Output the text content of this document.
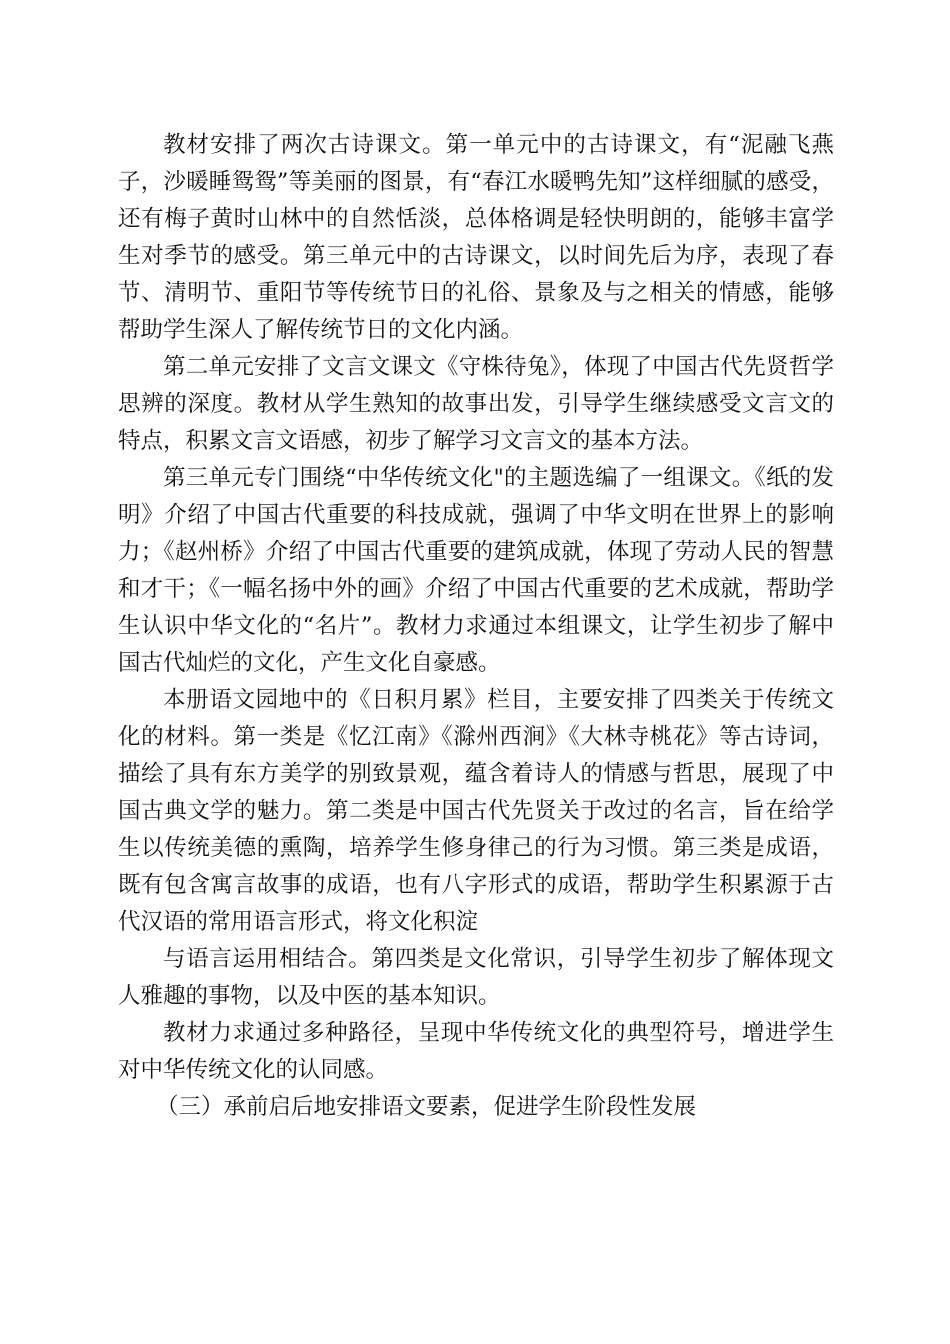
教材安排了两次古诗课文。第一单元中的古诗课文，有“泥融飞燕子，沙暖睡鸳鸳”等美丽的图景，有“春江水暖鸭先知”这样细腻的感受，还有梅子黄时山林中的自然恬淡，总体格调是轻快明朗的，能够丰富学生对季节的感受。第三单元中的古诗课文，以时间先后为序，表现了春节、清明节、重阳节等传统节日的礼俗、景象及与之相关的情感，能够帮助学生深人了解传统节日的文化内涵。

第二单元安排了文言文课文《守株待兔》，体现了中国古代先贤哲学思辨的深度。教材从学生熟知的故事出发，引导学生继续感受文言文的特点，积累文言文语感，初步了解学习文言文的基本方法。

第三单元专门围绕“中华传统文化"的主题选编了一组课文。《纸的发明》介绍了中国古代重要的科技成就，强调了中华文明在世界上的影响力；《赵州桥》介绍了中国古代重要的建筑成就，体现了劳动人民的智慧和才干；《一幅名扬中外的画》介绍了中国古代重要的艺术成就，帮助学生认识中华文化的“名片”。教材力求通过本组课文，让学生初步了解中国古代灿烂的文化，产生文化自豪感。

本册语文园地中的《日积月累》栏目，主要安排了四类关于传统文化的材料。第一类是《忆江南》《滁州西涧》《大林寺桃花》等古诗词，描绘了具有东方美学的别致景观，蕴含着诗人的情感与哲思，展现了中国古典文学的魅力。第二类是中国古代先贤关于改过的名言，旨在给学生以传统美德的熏陶，培养学生修身律己的行为习惯。第三类是成语，既有包含寓言故事的成语，也有八字形式的成语，帮助学生积累源于古代汉语的常用语言形式，将文化积淀

与语言运用相结合。第四类是文化常识，引导学生初步了解体现文人雅趣的事物，以及中医的基本知识。

教材力求通过多种路径，呈现中华传统文化的典型符号，增进学生对中华传统文化的认同感。

（三）承前启后地安排语文要素，促进学生阶段性发展
